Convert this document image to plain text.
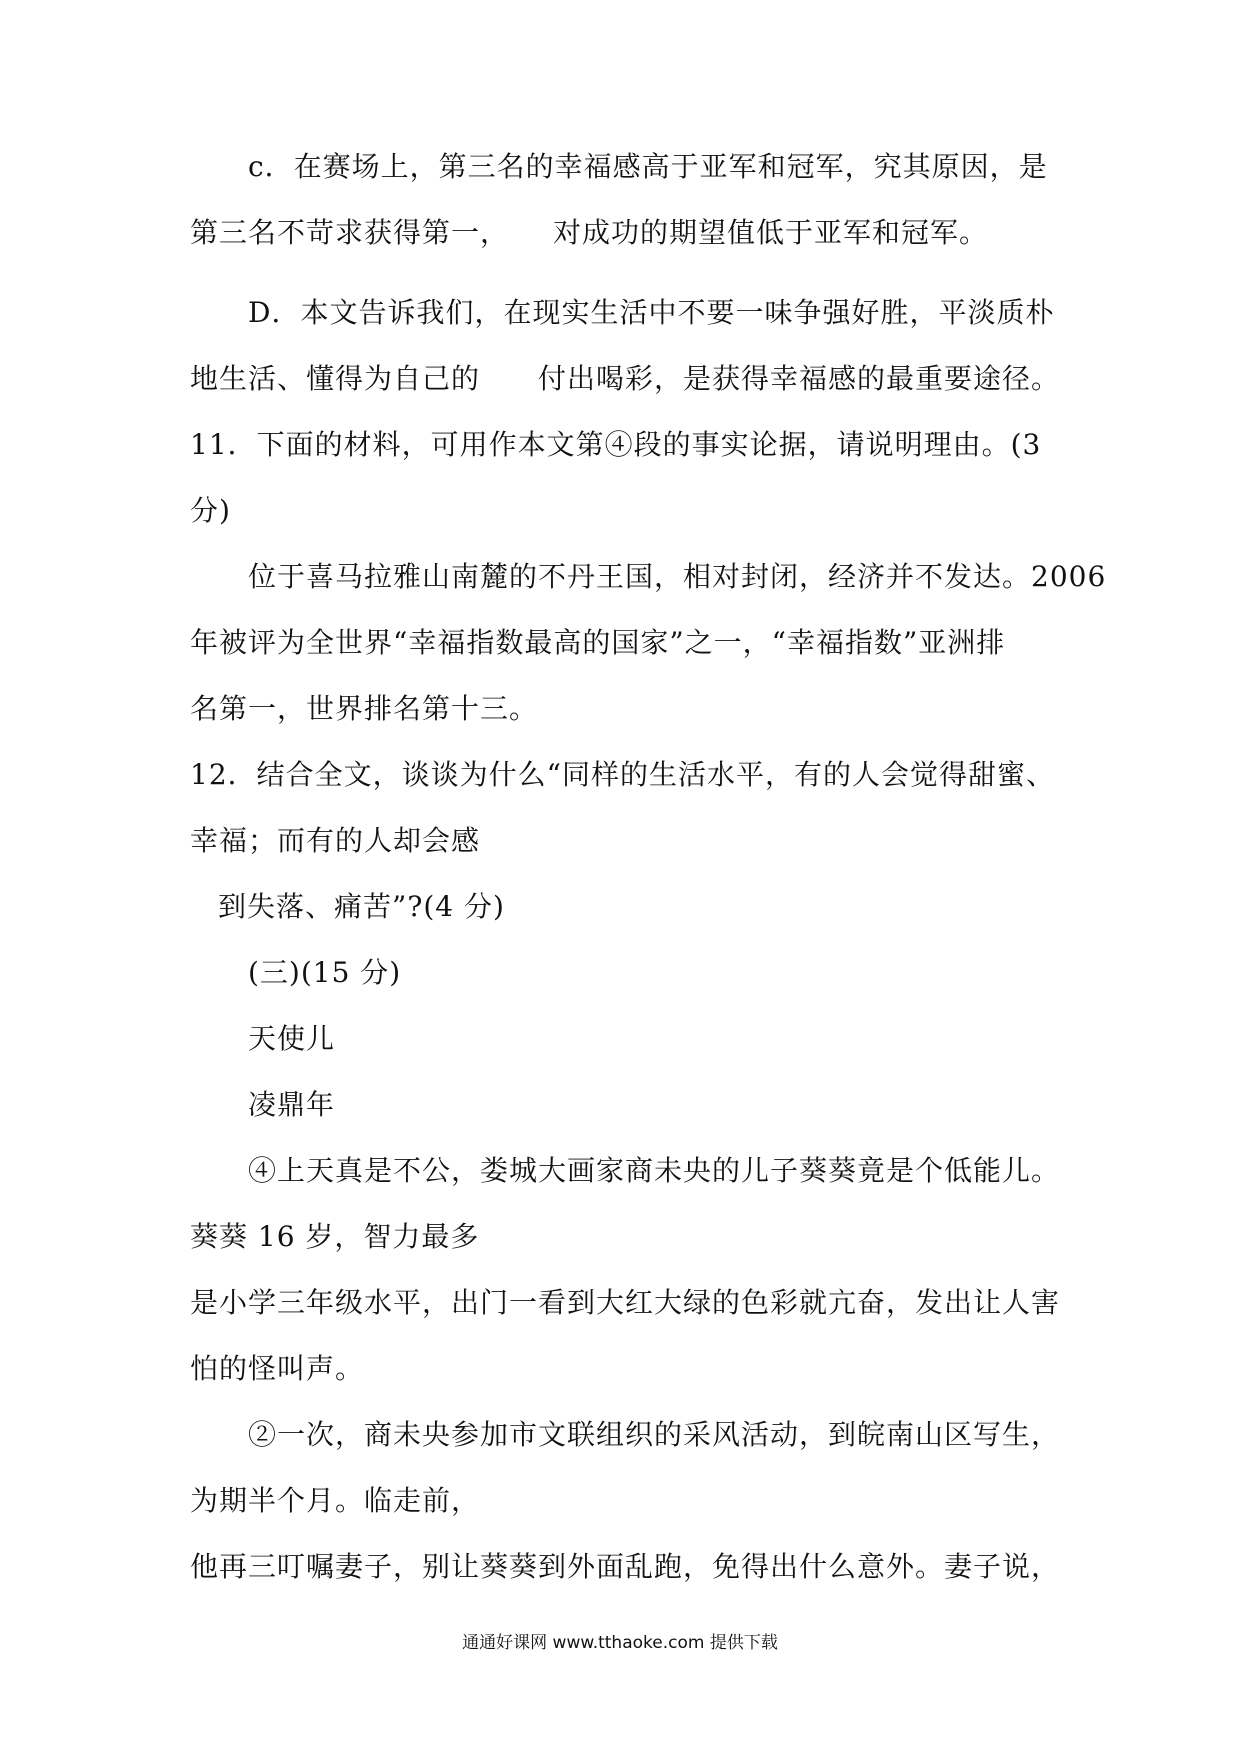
c．在赛场上，第三名的幸福感高于亚军和冠军，究其原因，是
第三名不苛求获得第一，　　对成功的期望值低于亚军和冠军。
D．本文告诉我们，在现实生活中不要一味争强好胜，平淡质朴
地生活、懂得为自己的　　付出喝彩，是获得幸福感的最重要途径。
11．下面的材料，可用作本文第④段的事实论据，请说明理由。(3
分)
位于喜马拉雅山南麓的不丹王国，相对封闭，经济并不发达。2006
年被评为全世界“幸福指数最高的国家”之一，“幸福指数”亚洲排
名第一，世界排名第十三。
12．结合全文，谈谈为什么“同样的生活水平，有的人会觉得甜蜜、
幸福；而有的人却会感
到失落、痛苦”?(4 分)
(三)(15 分)
天使儿
凌鼎年
④上天真是不公，娄城大画家商未央的儿子葵葵竟是个低能儿。
葵葵 16 岁，智力最多
是小学三年级水平，出门一看到大红大绿的色彩就亢奋，发出让人害
怕的怪叫声。
②一次，商未央参加市文联组织的采风活动，到皖南山区写生，
为期半个月。临走前，
他再三叮嘱妻子，别让葵葵到外面乱跑，免得出什么意外。妻子说，
通通好课网 www.tthaoke.com 提供下载
